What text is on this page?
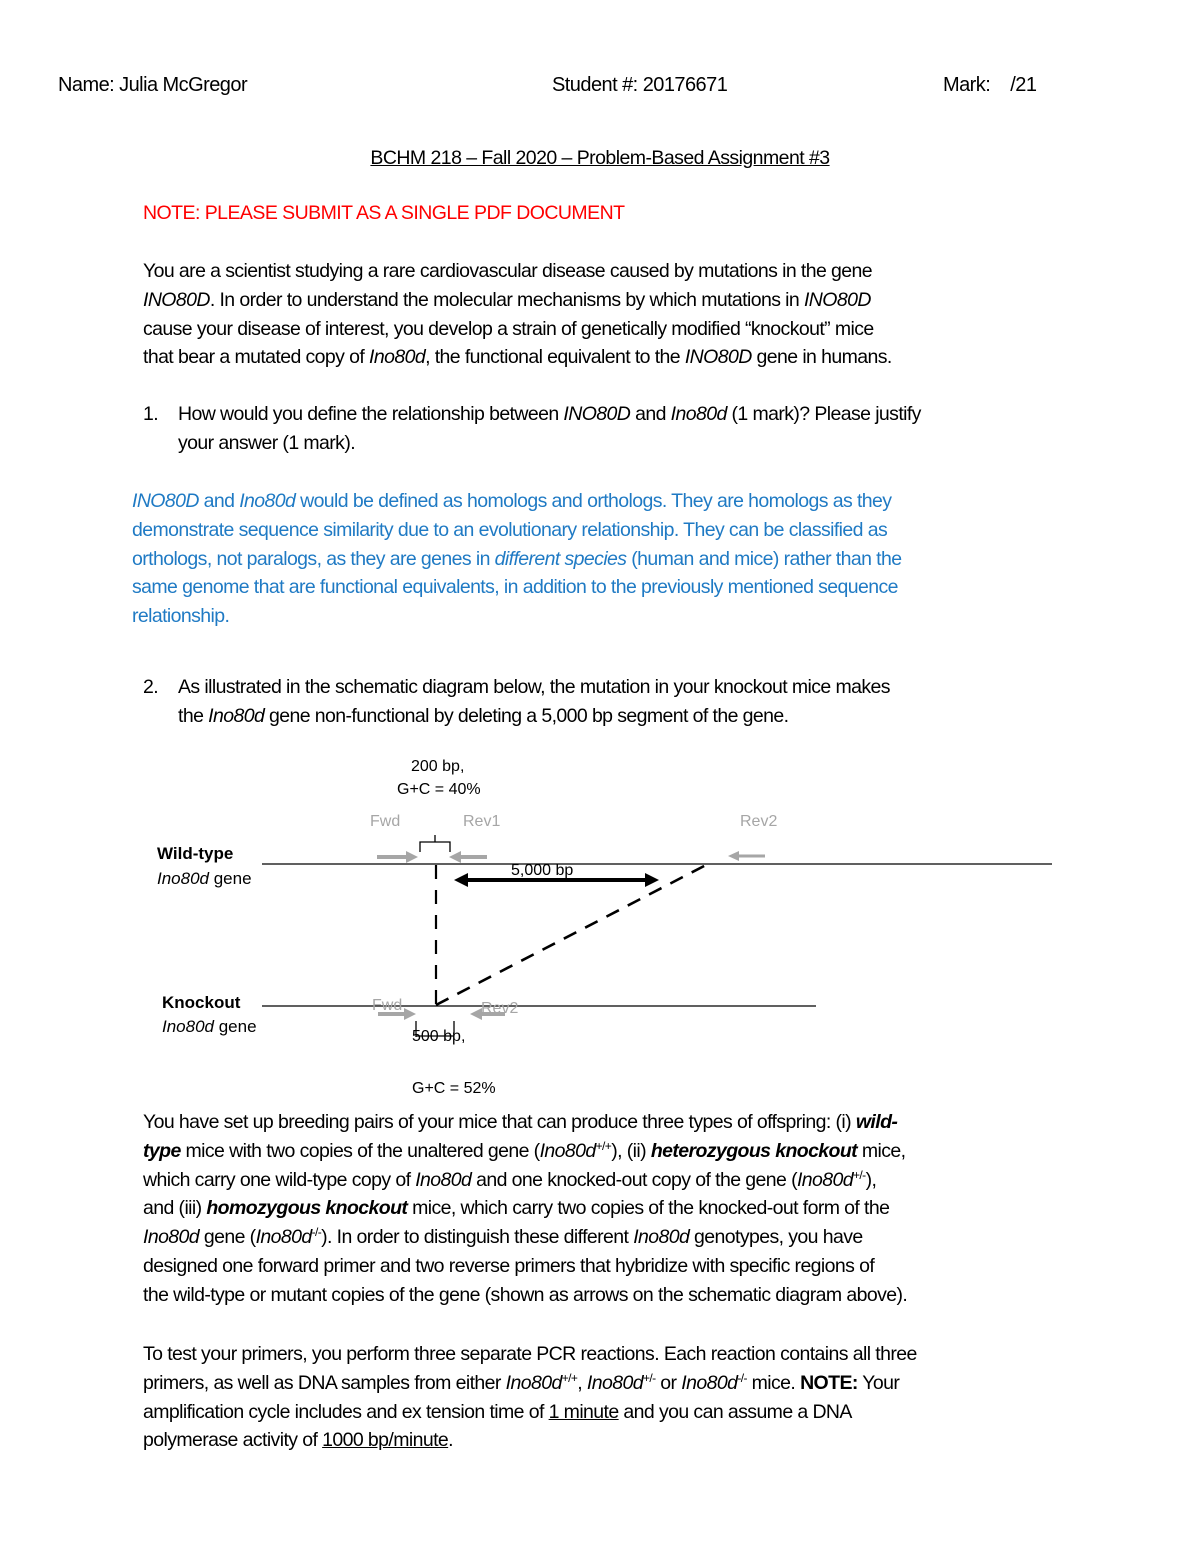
Name: Julia McGregor	Student #: 20176671	Mark:    /21
BCHM 218 – Fall 2020 – Problem-Based Assignment #3
NOTE: PLEASE SUBMIT AS A SINGLE PDF DOCUMENT
You are a scientist studying a rare cardiovascular disease caused by mutations in the gene
INO80D. In order to understand the molecular mechanisms by which mutations in INO80D
cause your disease of interest, you develop a strain of genetically modified “knockout” mice
that bear a mutated copy of Ino80d, the functional equivalent to the INO80D gene in humans.
1. How would you define the relationship between INO80D and Ino80d (1 mark)? Please justify
your answer (1 mark).
INO80D and Ino80d would be defined as homologs and orthologs. They are homologs as they
demonstrate sequence similarity due to an evolutionary relationship. They can be classified as
orthologs, not paralogs, as they are genes in different species (human and mice) rather than the
same genome that are functional equivalents, in addition to the previously mentioned sequence
relationship.
2. As illustrated in the schematic diagram below, the mutation in your knockout mice makes
the Ino80d gene non-functional by deleting a 5,000 bp segment of the gene.
200 bp,
G+C = 40%
Fwd	Rev1	Rev2
Wild-type
Ino80d gene	5,000 bp
Knockout
Ino80d gene
Fwd	Rev2
500 bp,
G+C = 52%
You have set up breeding pairs of your mice that can produce three types of offspring: (i) wild-
type mice with two copies of the unaltered gene (Ino80d+/+), (ii) heterozygous knockout mice,
which carry one wild-type copy of Ino80d and one knocked-out copy of the gene (Ino80d+/-),
and (iii) homozygous knockout mice, which carry two copies of the knocked-out form of the
Ino80d gene (Ino80d-/-). In order to distinguish these different Ino80d genotypes, you have
designed one forward primer and two reverse primers that hybridize with specific regions of
the wild-type or mutant copies of the gene (shown as arrows on the schematic diagram above).
To test your primers, you perform three separate PCR reactions. Each reaction contains all three
primers, as well as DNA samples from either Ino80d+/+, Ino80d+/- or Ino80d-/- mice. NOTE: Your
amplification cycle includes and ex tension time of 1 minute and you can assume a DNA
polymerase activity of 1000 bp/minute.
